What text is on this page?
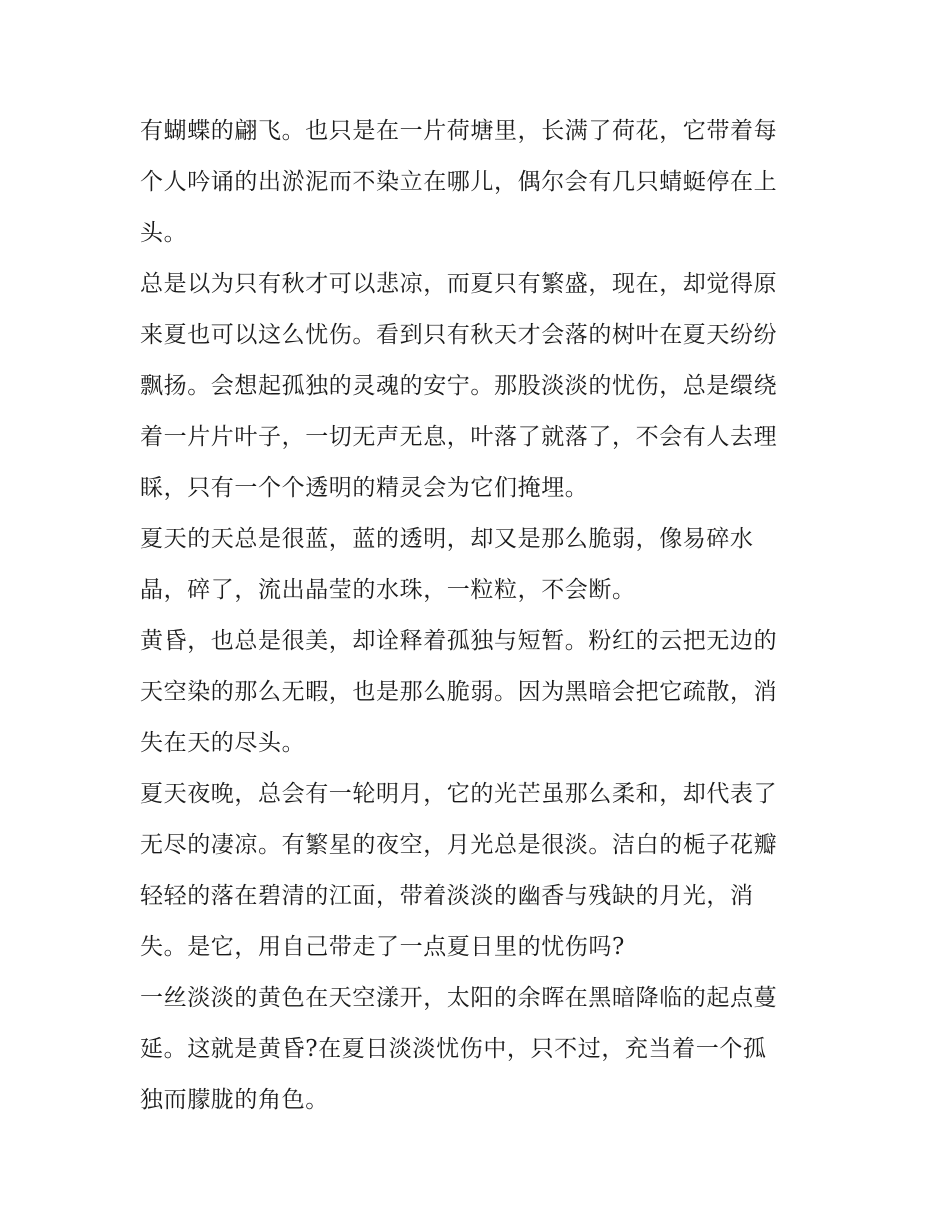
有蝴蝶的翩飞。也只是在一片荷塘里，长满了荷花，它带着每
个人吟诵的出淤泥而不染立在哪儿，偶尔会有几只蜻蜓停在上
头。
总是以为只有秋才可以悲凉，而夏只有繁盛，现在，却觉得原
来夏也可以这么忧伤。看到只有秋天才会落的树叶在夏天纷纷
飘扬。会想起孤独的灵魂的安宁。那股淡淡的忧伤，总是缳绕
着一片片叶子，一切无声无息，叶落了就落了，不会有人去理
睬，只有一个个透明的精灵会为它们掩埋。
夏天的天总是很蓝，蓝的透明，却又是那么脆弱，像易碎水
晶，碎了，流出晶莹的水珠，一粒粒，不会断。
黄昏，也总是很美，却诠释着孤独与短暂。粉红的云把无边的
天空染的那么无暇，也是那么脆弱。因为黑暗会把它疏散，消
失在天的尽头。
夏天夜晚，总会有一轮明月，它的光芒虽那么柔和，却代表了
无尽的凄凉。有繁星的夜空，月光总是很淡。洁白的栀子花瓣
轻轻的落在碧清的江面，带着淡淡的幽香与残缺的月光，消
失。是它，用自己带走了一点夏日里的忧伤吗?
一丝淡淡的黄色在天空漾开，太阳的余晖在黑暗降临的起点蔓
延。这就是黄昏?在夏日淡淡忧伤中，只不过，充当着一个孤
独而朦胧的角色。
